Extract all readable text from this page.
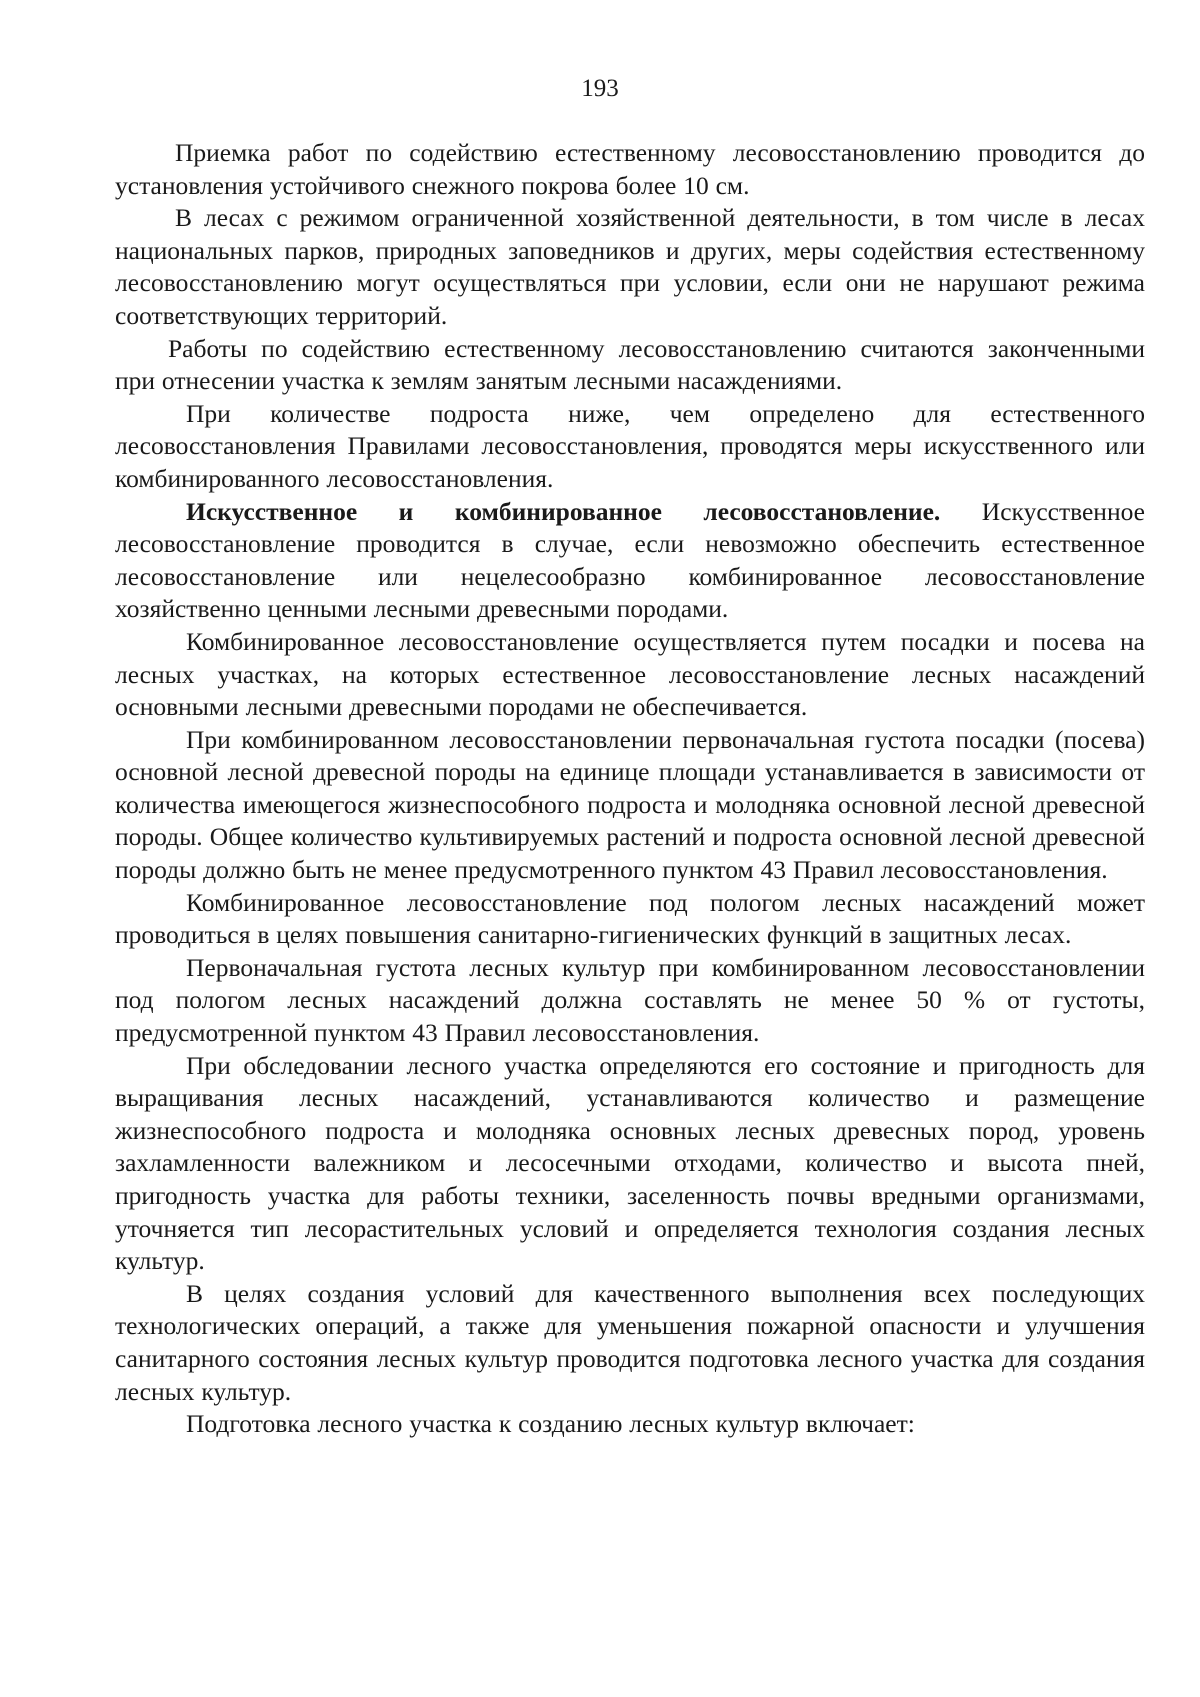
193

Приемка работ по содействию естественному лесовосстановлению проводится до установления устойчивого снежного покрова более 10 см.

В лесах с режимом ограниченной хозяйственной деятельности, в том числе в лесах национальных парков, природных заповедников и других, меры содействия естественному лесовосстановлению могут осуществляться при условии, если они не нарушают режима соответствующих территорий.

Работы по содействию естественному лесовосстановлению считаются законченными при отнесении участка к землям занятым лесными насаждениями.

При количестве подроста ниже, чем определено для естественного лесовосстановления Правилами лесовосстановления, проводятся меры искусственного или комбинированного лесовосстановления.

Искусственное и комбинированное лесовосстановление. Искусственное лесовосстановление проводится в случае, если невозможно обеспечить естественное лесовосстановление или нецелесообразно комбинированное лесовосстановление хозяйственно ценными лесными древесными породами.

Комбинированное лесовосстановление осуществляется путем посадки и посева на лесных участках, на которых естественное лесовосстановление лесных насаждений основными лесными древесными породами не обеспечивается.

При комбинированном лесовосстановлении первоначальная густота посадки (посева) основной лесной древесной породы на единице площади устанавливается в зависимости от количества имеющегося жизнеспособного подроста и молодняка основной лесной древесной породы. Общее количество культивируемых растений и подроста основной лесной древесной породы должно быть не менее предусмотренного пунктом 43 Правил лесовосстановления.

Комбинированное лесовосстановление под пологом лесных насаждений может проводиться в целях повышения санитарно-гигиенических функций в защитных лесах.

Первоначальная густота лесных культур при комбинированном лесовосстановлении под пологом лесных насаждений должна составлять не менее 50 % от густоты, предусмотренной пунктом 43 Правил лесовосстановления.

При обследовании лесного участка определяются его состояние и пригодность для выращивания лесных насаждений, устанавливаются количество и размещение жизнеспособного подроста и молодняка основных лесных древесных пород, уровень захламленности валежником и лесосечными отходами, количество и высота пней, пригодность участка для работы техники, заселенность почвы вредными организмами, уточняется тип лесорастительных условий и определяется технология создания лесных культур.

В целях создания условий для качественного выполнения всех последующих технологических операций, а также для уменьшения пожарной опасности и улучшения санитарного состояния лесных культур проводится подготовка лесного участка для создания лесных культур.

Подготовка лесного участка к созданию лесных культур включает:
